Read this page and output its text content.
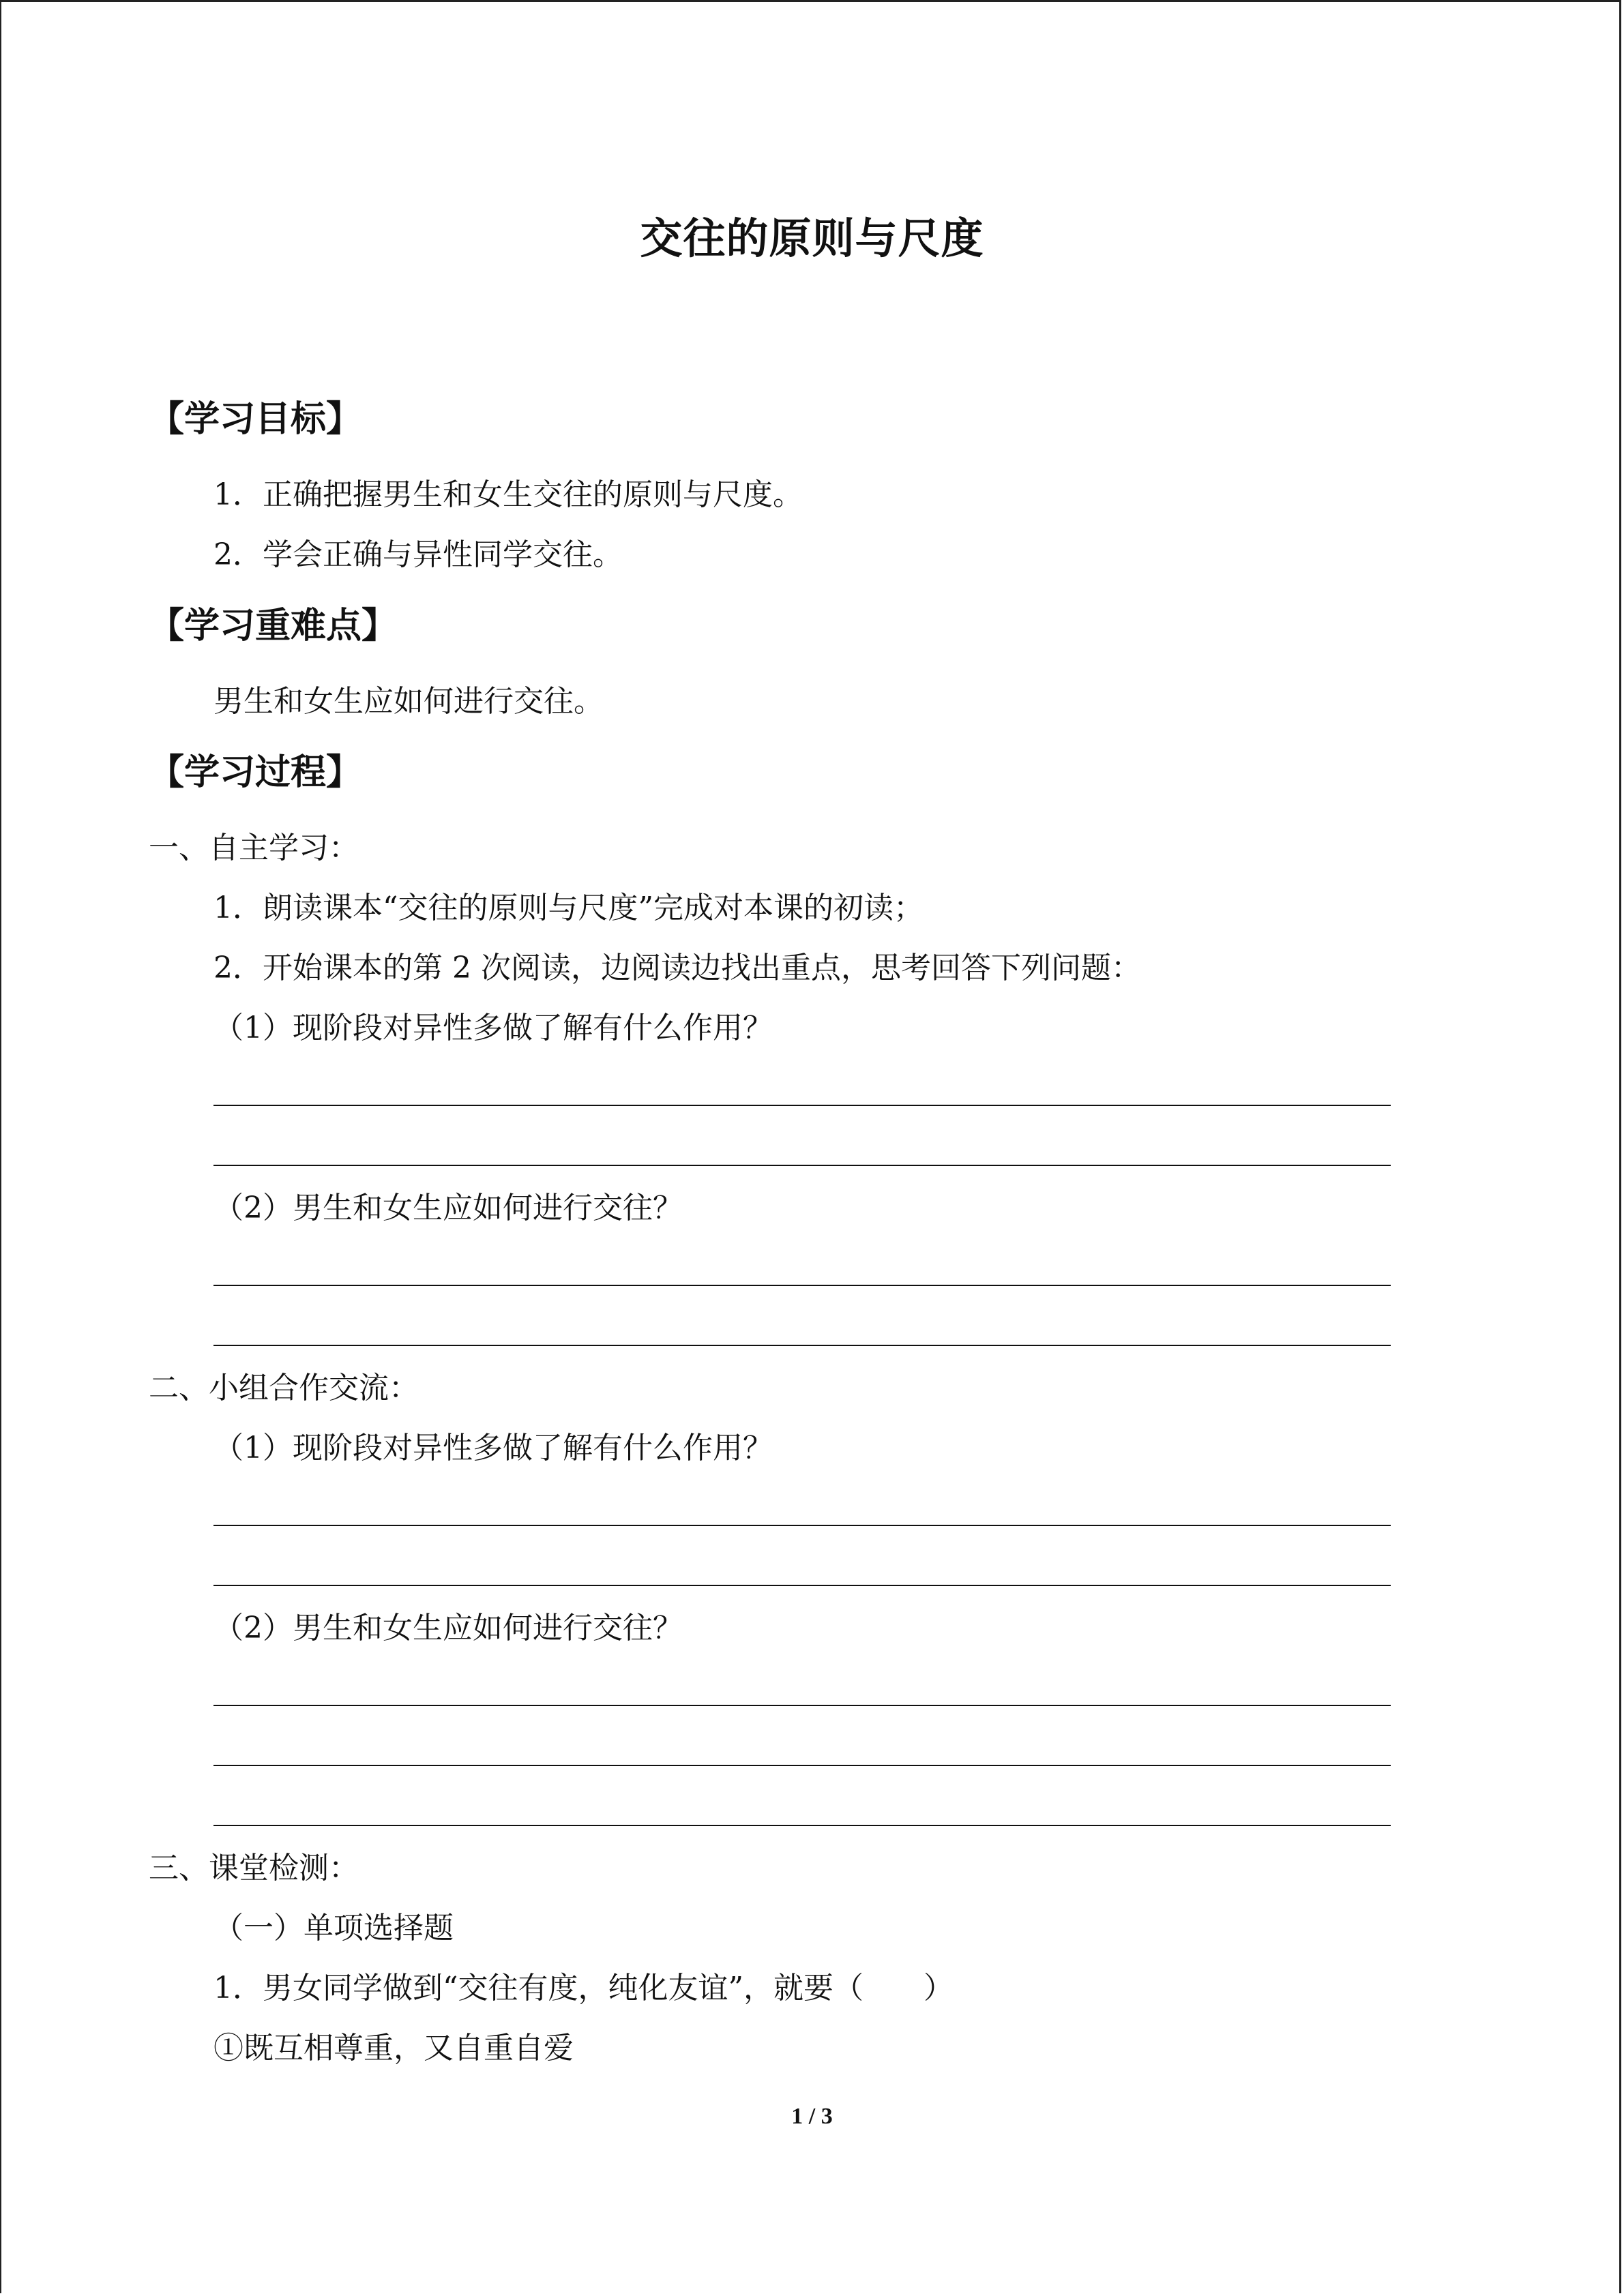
交往的原则与尺度
【学习目标】
1．正确把握男生和女生交往的原则与尺度。
2．学会正确与异性同学交往。
【学习重难点】
男生和女生应如何进行交往。
【学习过程】
一、自主学习：
1．朗读课本“交往的原则与尺度”完成对本课的初读；
2．开始课本的第 2 次阅读，边阅读边找出重点，思考回答下列问题：
（1）现阶段对异性多做了解有什么作用？
（2）男生和女生应如何进行交往？
二、小组合作交流：
（1）现阶段对异性多做了解有什么作用？
（2）男生和女生应如何进行交往？
三、课堂检测：
（一）单项选择题
1．男女同学做到“交往有度，纯化友谊”，就要（　　）
①既互相尊重，又自重自爱
1 / 3
